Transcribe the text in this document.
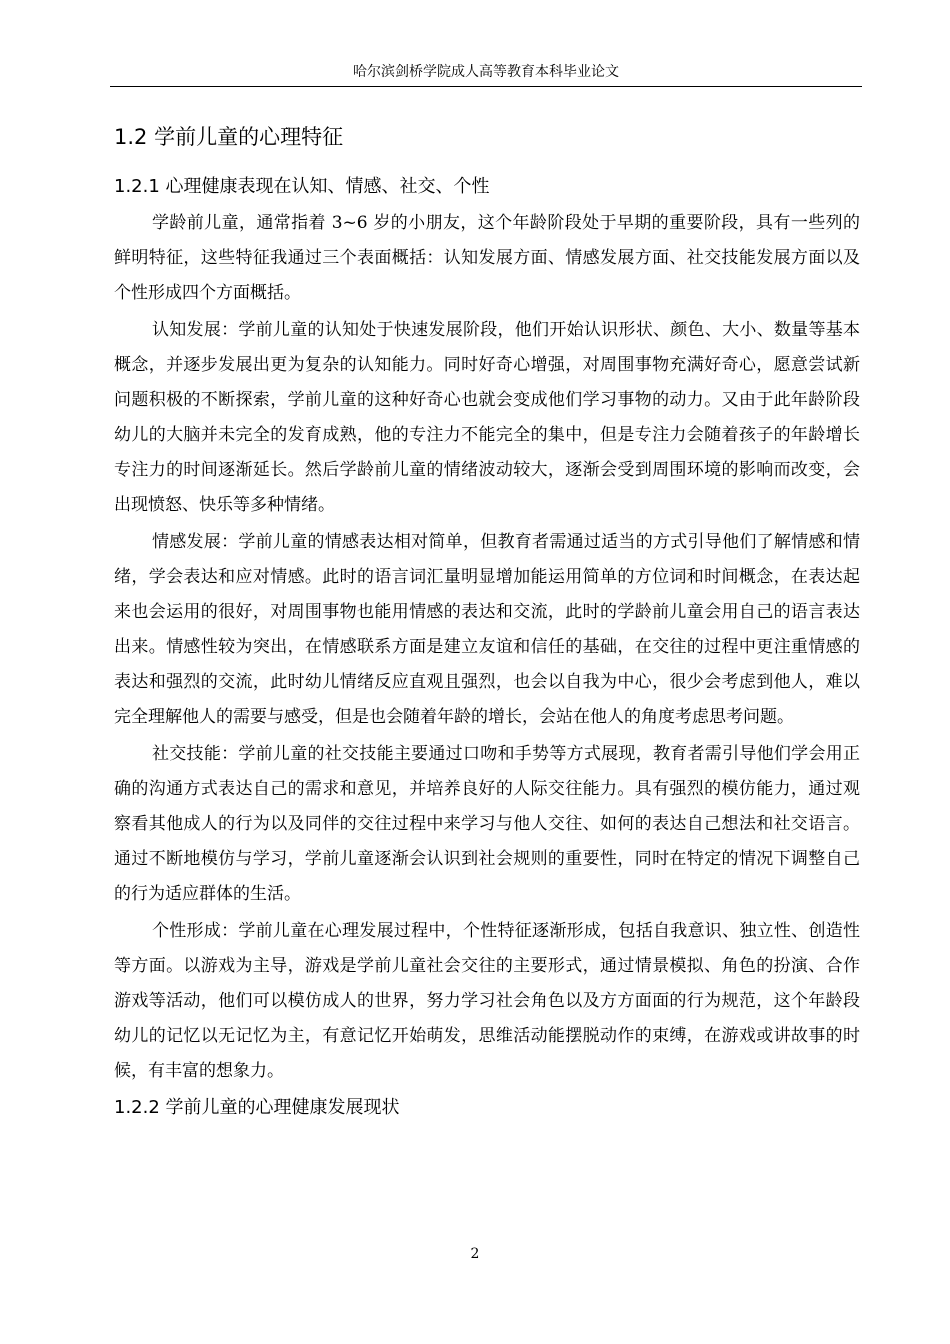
哈尔滨剑桥学院成人高等教育本科毕业论文
1.2 学前儿童的心理特征
1.2.1 心理健康表现在认知、情感、社交、个性

学龄前儿童，通常指着 3~6 岁的小朋友，这个年龄阶段处于早期的重要阶段，具有一些列的鲜明特征，这些特征我通过三个表面概括：认知发展方面、情感发展方面、社交技能发展方面以及个性形成四个方面概括。

认知发展：学前儿童的认知处于快速发展阶段，他们开始认识形状、颜色、大小、数量等基本概念，并逐步发展出更为复杂的认知能力。同时好奇心增强，对周围事物充满好奇心，愿意尝试新问题积极的不断探索，学前儿童的这种好奇心也就会变成他们学习事物的动力。又由于此年龄阶段幼儿的大脑并未完全的发育成熟，他的专注力不能完全的集中，但是专注力会随着孩子的年龄增长专注力的时间逐渐延长。然后学龄前儿童的情绪波动较大，逐渐会受到周围环境的影响而改变，会出现愤怒、快乐等多种情绪。

情感发展：学前儿童的情感表达相对简单，但教育者需通过适当的方式引导他们了解情感和情绪，学会表达和应对情感。此时的语言词汇量明显增加能运用简单的方位词和时间概念，在表达起来也会运用的很好，对周围事物也能用情感的表达和交流，此时的学龄前儿童会用自己的语言表达出来。情感性较为突出，在情感联系方面是建立友谊和信任的基础，在交往的过程中更注重情感的表达和强烈的交流，此时幼儿情绪反应直观且强烈，也会以自我为中心，很少会考虑到他人，难以完全理解他人的需要与感受，但是也会随着年龄的增长，会站在他人的角度考虑思考问题。

社交技能：学前儿童的社交技能主要通过口吻和手势等方式展现，教育者需引导他们学会用正确的沟通方式表达自己的需求和意见，并培养良好的人际交往能力。具有强烈的模仿能力，通过观察看其他成人的行为以及同伴的交往过程中来学习与他人交往、如何的表达自己想法和社交语言。通过不断地模仿与学习，学前儿童逐渐会认识到社会规则的重要性，同时在特定的情况下调整自己的行为适应群体的生活。

个性形成：学前儿童在心理发展过程中，个性特征逐渐形成，包括自我意识、独立性、创造性等方面。以游戏为主导，游戏是学前儿童社会交往的主要形式，通过情景模拟、角色的扮演、合作游戏等活动，他们可以模仿成人的世界，努力学习社会角色以及方方面面的行为规范，这个年龄段幼儿的记忆以无记忆为主，有意记忆开始萌发，思维活动能摆脱动作的束缚，在游戏或讲故事的时候，有丰富的想象力。

1.2.2 学前儿童的心理健康发展现状
2
